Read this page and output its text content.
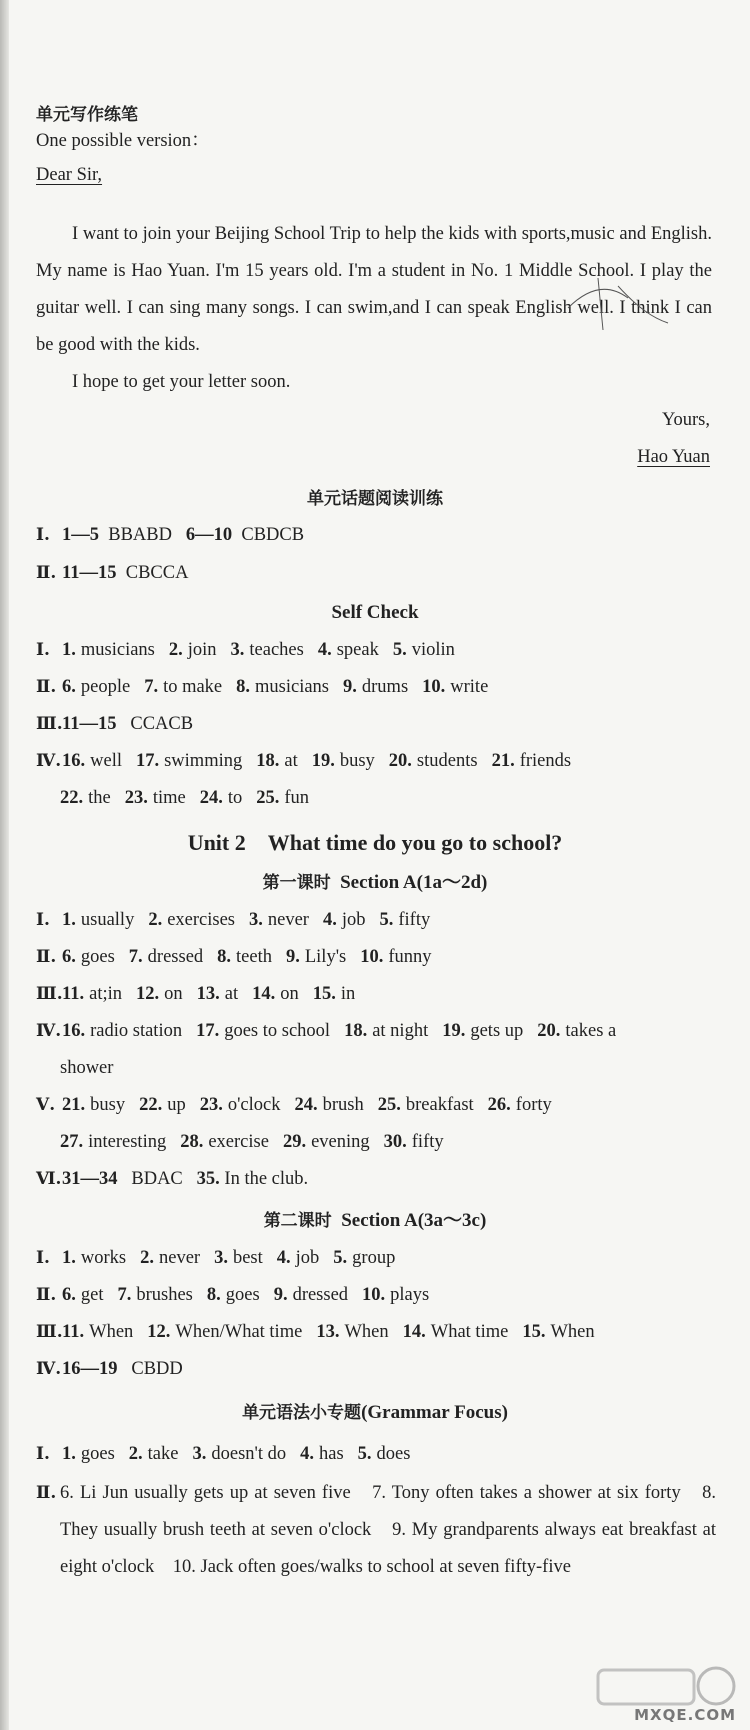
单元写作练笔
One possible version：
Dear Sir,
I want to join your Beijing School Trip to help the kids with sports,music and English. My name is Hao Yuan. I'm 15 years old. I'm a student in No. 1 Middle School. I play the guitar well. I can sing many songs. I can swim,and I can speak English well. I think I can be good with the kids.
I hope to get your letter soon.
Yours,
Hao Yuan
单元话题阅读训练
Ⅰ. 1—5 BBABD 6—10 CBDCB
Ⅱ. 11—15 CBCCA
Self Check
Ⅰ. 1. musicians 2. join 3. teaches 4. speak 5. violin
Ⅱ. 6. people 7. to make 8. musicians 9. drums 10. write
Ⅲ.11—15 CCACB
Ⅳ.16. well 17. swimming 18. at 19. busy 20. students 21. friends
22. the 23. time 24. to 25. fun
Unit 2　What time do you go to school?
第一课时 Section A(1a～2d)
Ⅰ. 1. usually 2. exercises 3. never 4. job 5. fifty
Ⅱ. 6. goes 7. dressed 8. teeth 9. Lily's 10. funny
Ⅲ.11. at;in 12. on 13. at 14. on 15. in
Ⅳ.16. radio station 17. goes to school 18. at night 19. gets up 20. takes a
shower
Ⅴ. 21. busy 22. up 23. o'clock 24. brush 25. breakfast 26. forty
27. interesting 28. exercise 29. evening 30. fifty
Ⅵ.31—34 BDAC 35. In the club.
第二课时 Section A(3a～3c)
Ⅰ. 1. works 2. never 3. best 4. job 5. group
Ⅱ. 6. get 7. brushes 8. goes 9. dressed 10. plays
Ⅲ.11. When 12. When/What time 13. When 14. What time 15. When
Ⅳ.16—19 CBDD
单元语法小专题(Grammar Focus)
Ⅰ. 1. goes 2. take 3. doesn't do 4. has 5. does
Ⅱ. 6. Li Jun usually gets up at seven five　7. Tony often takes a shower at six forty　8. They usually brush teeth at seven o'clock　9. My grandparents always eat breakfast at eight o'clock　10. Jack often goes/walks to school at seven fifty-five
MXQE.COM
